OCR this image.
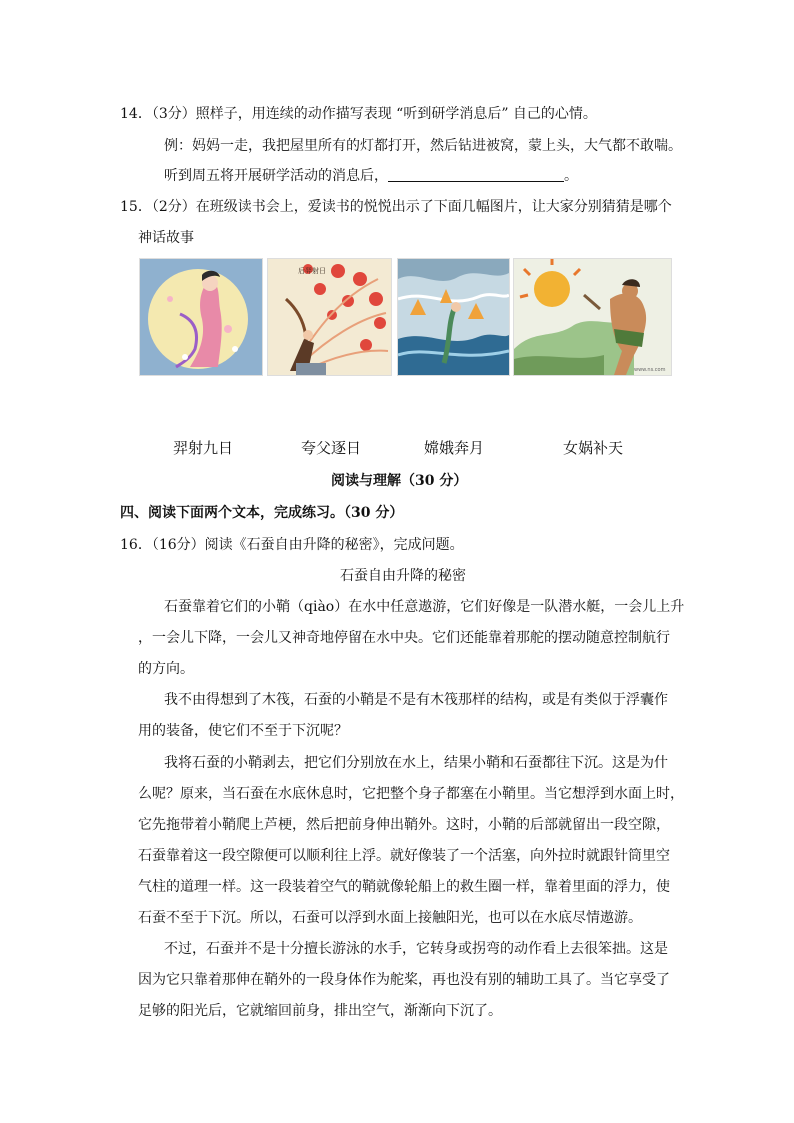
14．（3分）照样子，用连续的动作描写表现 “听到研学消息后” 自己的心情。
例：妈妈一走，我把屋里所有的灯都打开，然后钻进被窝，蒙上头，大气都不敢喘。
听到周五将开展研学活动的消息后，	。
15．（2分）在班级读书会上，爱读书的悦悦出示了下面几幅图片，让大家分别猜猜是哪个
神话故事
后羿射日
www.ns.com
羿射九日	夸父逐日	嫦娥奔月	女娲补天
阅读与理解（30 分）
四、阅读下面两个文本，完成练习。（30 分）
16．（16分）阅读《石蚕自由升降的秘密》，完成问题。
石蚕自由升降的秘密
石蚕靠着它们的小鞘（qiào）在水中任意遨游，它们好像是一队潜水艇，一会儿上升
，一会儿下降，一会儿又神奇地停留在水中央。它们还能靠着那舵的摆动随意控制航行
的方向。
我不由得想到了木筏，石蚕的小鞘是不是有木筏那样的结构，或是有类似于浮囊作
用的装备，使它们不至于下沉呢？
我将石蚕的小鞘剥去，把它们分别放在水上，结果小鞘和石蚕都往下沉。这是为什
么呢？原来，当石蚕在水底休息时，它把整个身子都塞在小鞘里。当它想浮到水面上时，
它先拖带着小鞘爬上芦梗，然后把前身伸出鞘外。这时，小鞘的后部就留出一段空隙，
石蚕靠着这一段空隙便可以顺利往上浮。就好像装了一个活塞，向外拉时就跟针筒里空
气柱的道理一样。这一段装着空气的鞘就像轮船上的救生圈一样，靠着里面的浮力，使
石蚕不至于下沉。所以，石蚕可以浮到水面上接触阳光，也可以在水底尽情遨游。
不过，石蚕并不是十分擅长游泳的水手，它转身或拐弯的动作看上去很笨拙。这是
因为它只靠着那伸在鞘外的一段身体作为舵桨，再也没有别的辅助工具了。当它享受了
足够的阳光后，它就缩回前身，排出空气，渐渐向下沉了。
